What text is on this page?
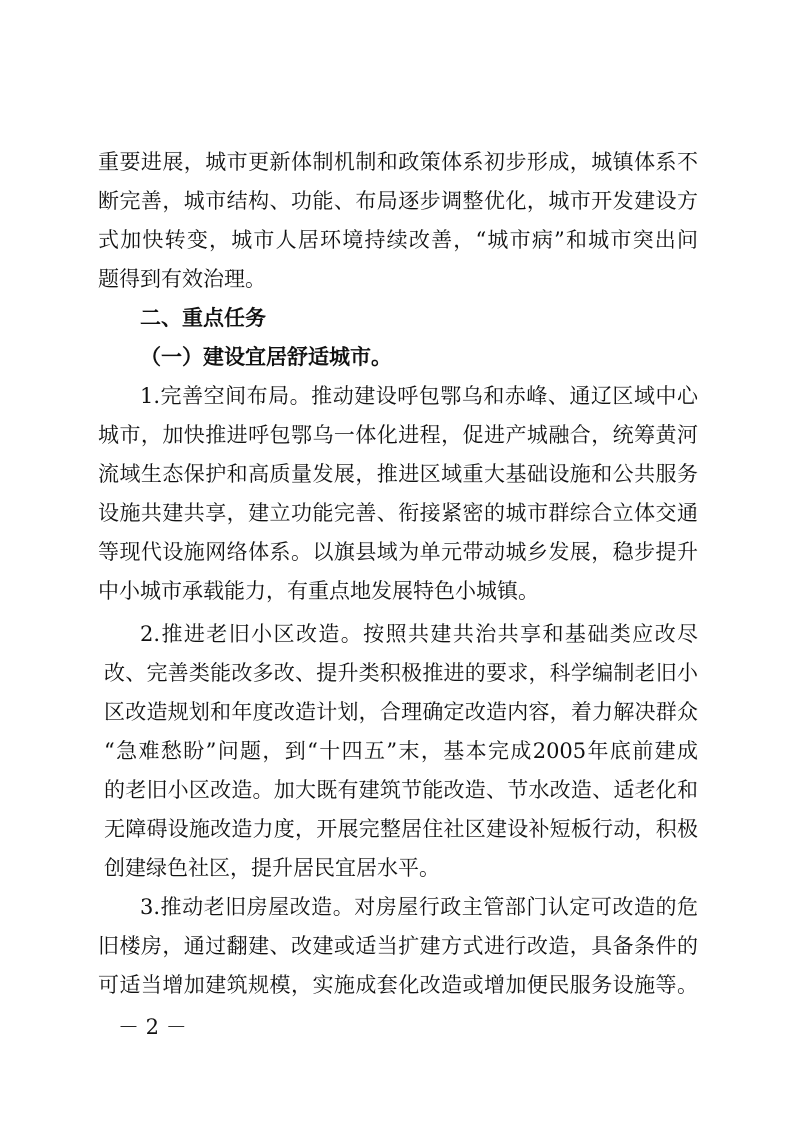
重要进展，城市更新体制机制和政策体系初步形成，城镇体系不
断完善，城市结构、功能、布局逐步调整优化，城市开发建设方
式加快转变，城市人居环境持续改善，“城市病”和城市突出问
题得到有效治理。
二、重点任务
（一）建设宜居舒适城市。
1.完善空间布局。推动建设呼包鄂乌和赤峰、通辽区域中心
城市，加快推进呼包鄂乌一体化进程，促进产城融合，统筹黄河
流域生态保护和高质量发展，推进区域重大基础设施和公共服务
设施共建共享，建立功能完善、衔接紧密的城市群综合立体交通
等现代设施网络体系。以旗县域为单元带动城乡发展，稳步提升
中小城市承载能力，有重点地发展特色小城镇。
2.推进老旧小区改造。按照共建共治共享和基础类应改尽
改、完善类能改多改、提升类积极推进的要求，科学编制老旧小
区改造规划和年度改造计划，合理确定改造内容，着力解决群众
“急难愁盼”问题，到“十四五”末，基本完成2005年底前建成
的老旧小区改造。加大既有建筑节能改造、节水改造、适老化和
无障碍设施改造力度，开展完整居住社区建设补短板行动，积极
创建绿色社区，提升居民宜居水平。
3.推动老旧房屋改造。对房屋行政主管部门认定可改造的危
旧楼房，通过翻建、改建或适当扩建方式进行改造，具备条件的
可适当增加建筑规模，实施成套化改造或增加便民服务设施等。
－ 2 －
